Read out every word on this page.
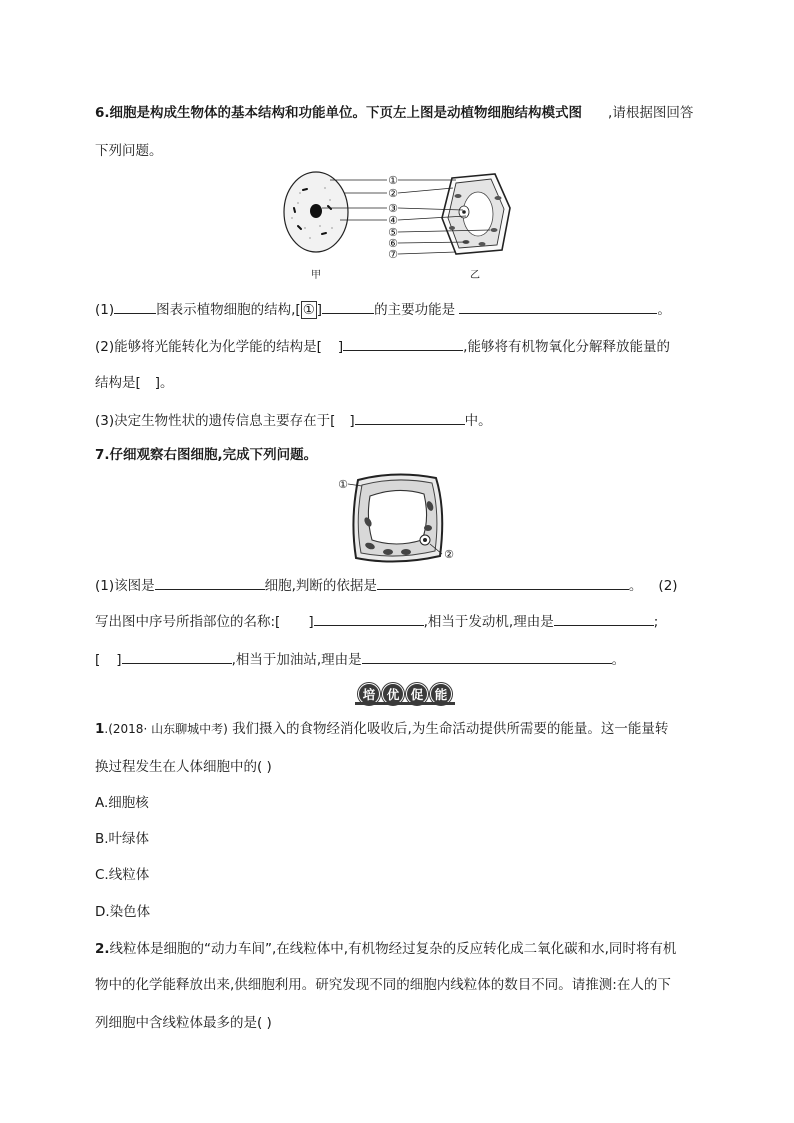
6.细胞是构成生物体的基本结构和功能单位。下页左上图是动植物细胞结构模式图 ,请根据图回答
下列问题。
①
②
③
④
⑤
⑥
⑦
甲	乙
(1)	图表示植物细胞的结构,[ ① ]	的主要功能是	。
(2)能够将光能转化为化学能的结构是[ ]	,能够将有机物氧化分解释放能量的
结构是[ ]。
(3)决定生物性状的遗传信息主要存在于[ ]	中。
7.仔细观察右图细胞,完成下列问题。
①
②
(1)该图是	细胞,判断的依据是	。 (2)
写出图中序号所指部位的名称:[ ]	,相当于发动机,理由是	;
[ ]	,相当于加油站,理由是	。
培 优 促 能
1.(2018· 山东聊城中考) 我们摄入的食物经消化吸收后,为生命活动提供所需要的能量。这一能量转
换过程发生在人体细胞中的( )
A.细胞核
B.叶绿体
C.线粒体
D.染色体
2.线粒体是细胞的“动力车间”,在线粒体中,有机物经过复杂的反应转化成二氧化碳和水,同时将有机
物中的化学能释放出来,供细胞利用。研究发现不同的细胞内线粒体的数目不同。请推测:在人的下
列细胞中含线粒体最多的是( )
